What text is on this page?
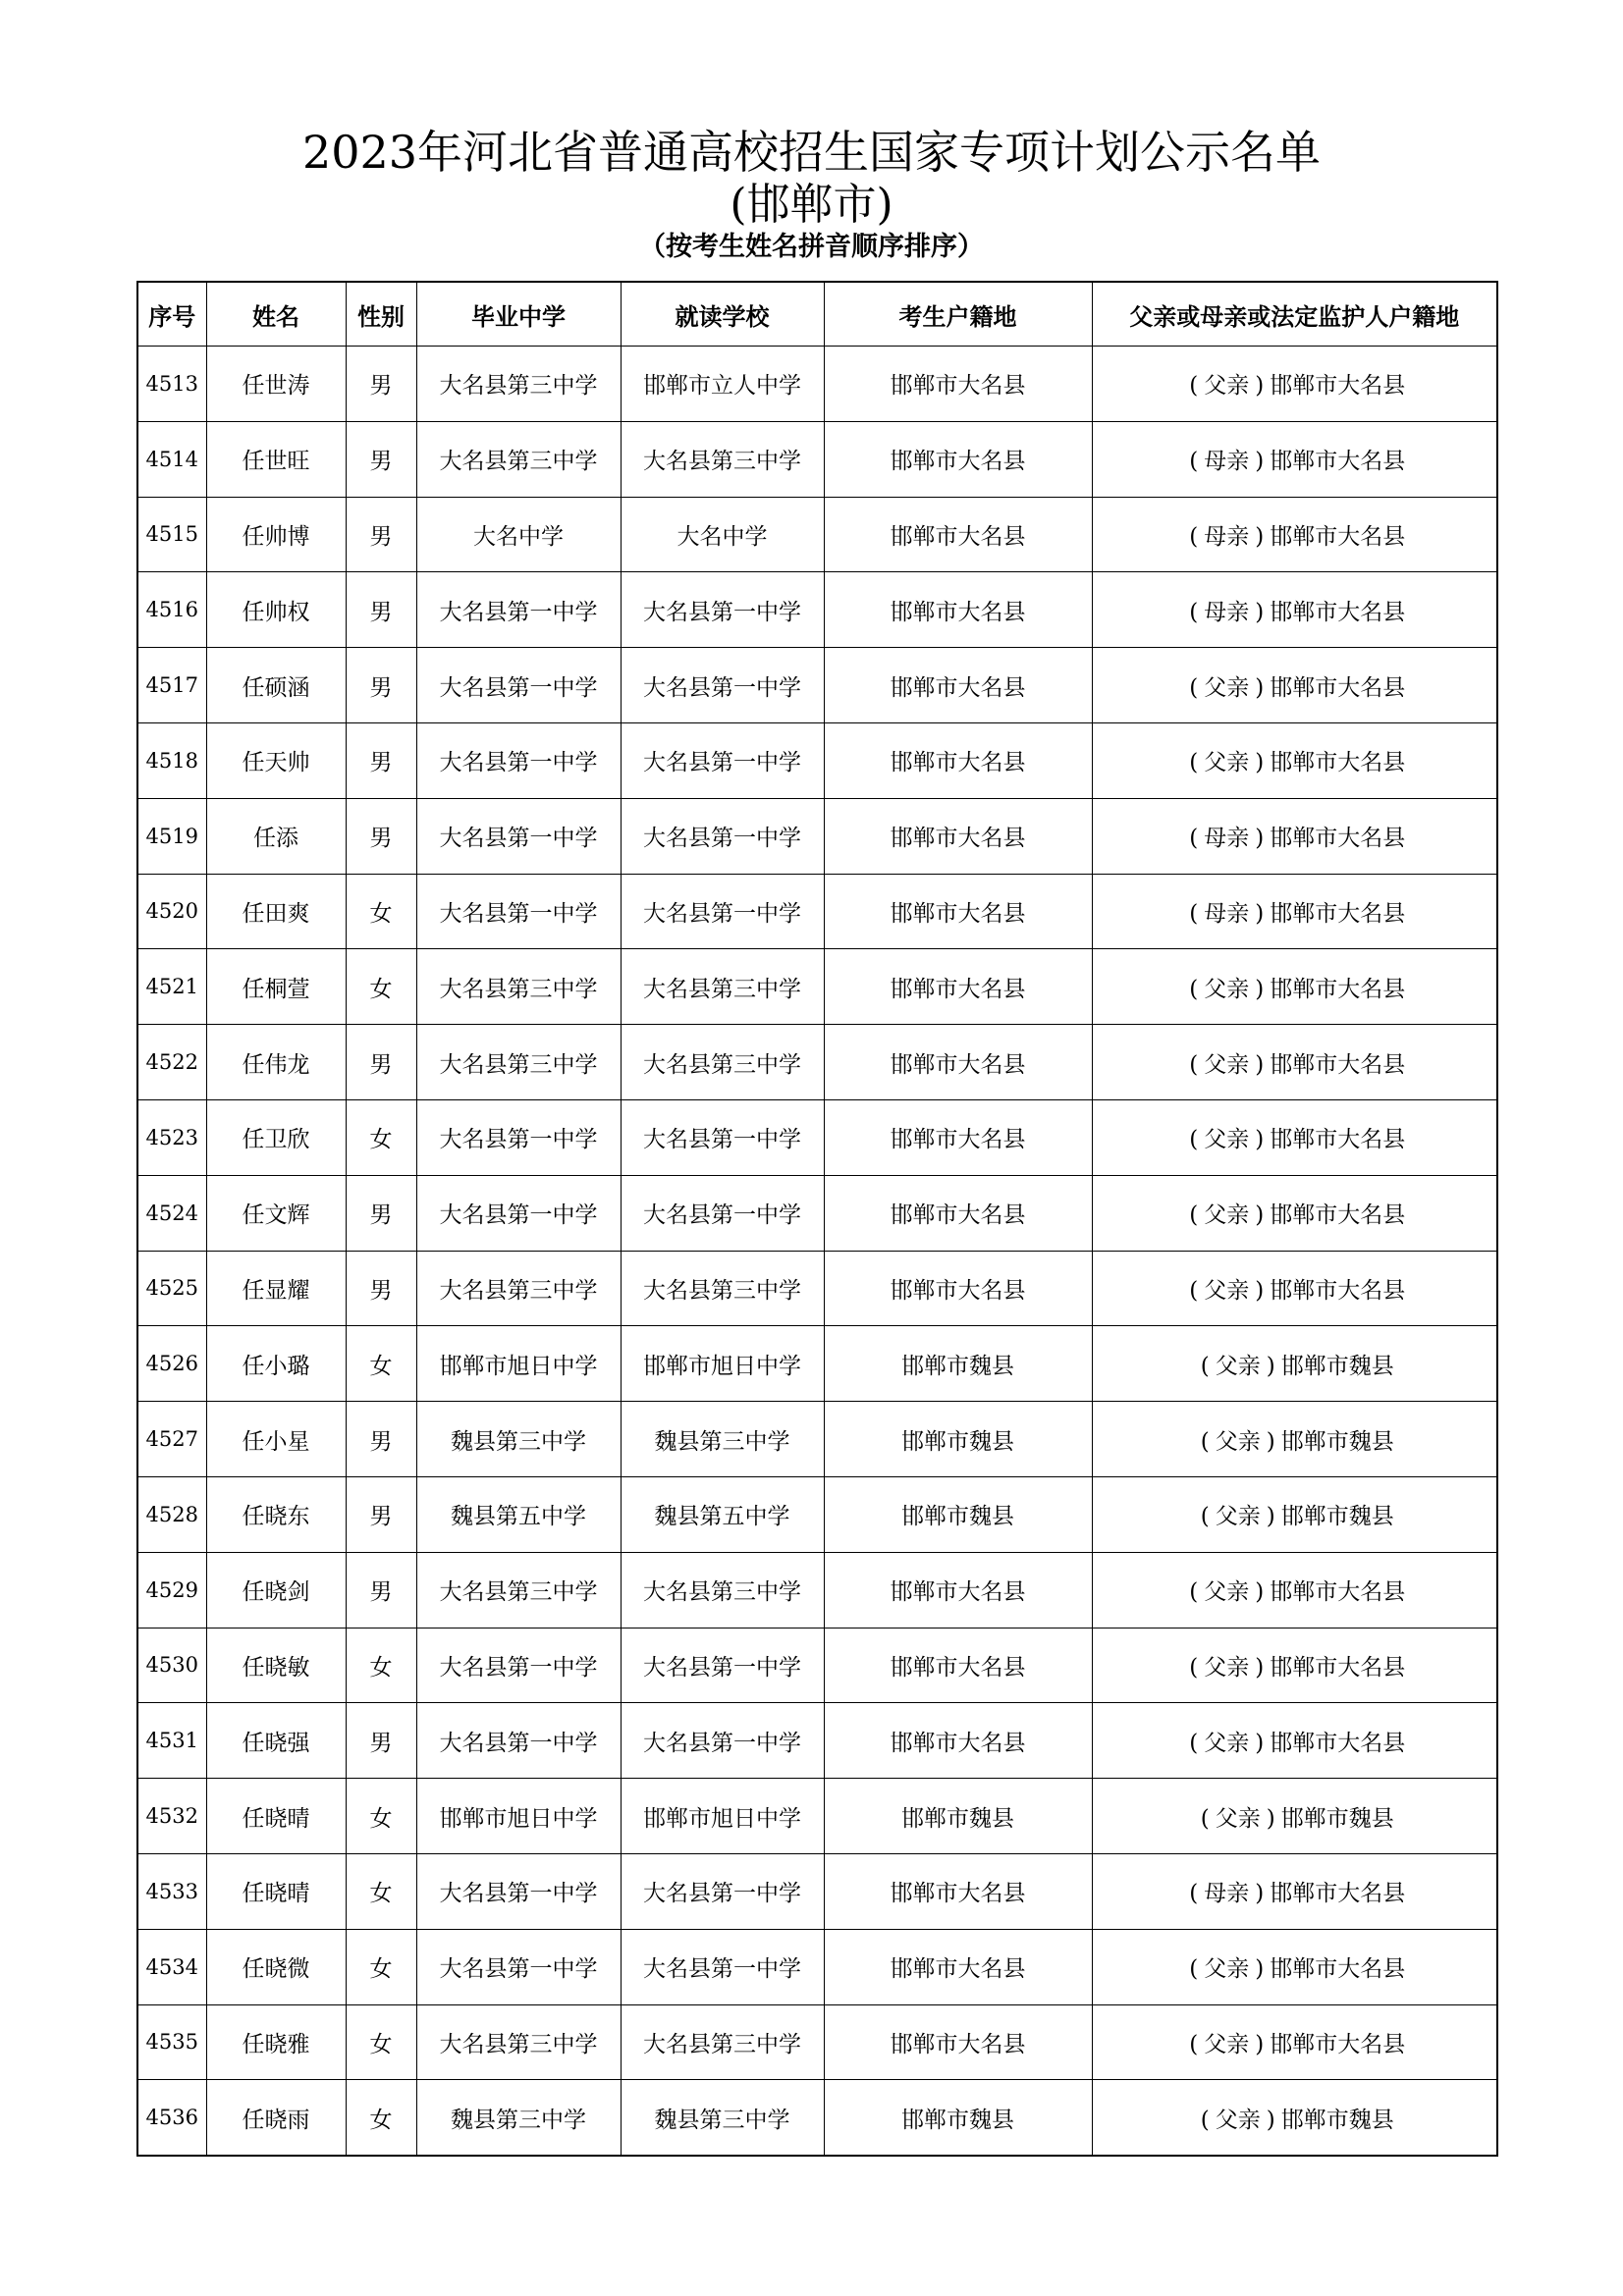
2023年河北省普通高校招生国家专项计划公示名单
(邯郸市)
（按考生姓名拼音顺序排序）
序号	姓名	性别	毕业中学	就读学校	考生户籍地	父亲或母亲或法定监护人户籍地
4513	任世涛	男	大名县第三中学	邯郸市立人中学	邯郸市大名县	( 父亲 ) 邯郸市大名县
4514	任世旺	男	大名县第三中学	大名县第三中学	邯郸市大名县	( 母亲 ) 邯郸市大名县
4515	任帅博	男	大名中学	大名中学	邯郸市大名县	( 母亲 ) 邯郸市大名县
4516	任帅权	男	大名县第一中学	大名县第一中学	邯郸市大名县	( 母亲 ) 邯郸市大名县
4517	任硕涵	男	大名县第一中学	大名县第一中学	邯郸市大名县	( 父亲 ) 邯郸市大名县
4518	任天帅	男	大名县第一中学	大名县第一中学	邯郸市大名县	( 父亲 ) 邯郸市大名县
4519	任添	男	大名县第一中学	大名县第一中学	邯郸市大名县	( 母亲 ) 邯郸市大名县
4520	任田爽	女	大名县第一中学	大名县第一中学	邯郸市大名县	( 母亲 ) 邯郸市大名县
4521	任桐萱	女	大名县第三中学	大名县第三中学	邯郸市大名县	( 父亲 ) 邯郸市大名县
4522	任伟龙	男	大名县第三中学	大名县第三中学	邯郸市大名县	( 父亲 ) 邯郸市大名县
4523	任卫欣	女	大名县第一中学	大名县第一中学	邯郸市大名县	( 父亲 ) 邯郸市大名县
4524	任文辉	男	大名县第一中学	大名县第一中学	邯郸市大名县	( 父亲 ) 邯郸市大名县
4525	任显耀	男	大名县第三中学	大名县第三中学	邯郸市大名县	( 父亲 ) 邯郸市大名县
4526	任小璐	女	邯郸市旭日中学	邯郸市旭日中学	邯郸市魏县	( 父亲 ) 邯郸市魏县
4527	任小星	男	魏县第三中学	魏县第三中学	邯郸市魏县	( 父亲 ) 邯郸市魏县
4528	任晓东	男	魏县第五中学	魏县第五中学	邯郸市魏县	( 父亲 ) 邯郸市魏县
4529	任晓剑	男	大名县第三中学	大名县第三中学	邯郸市大名县	( 父亲 ) 邯郸市大名县
4530	任晓敏	女	大名县第一中学	大名县第一中学	邯郸市大名县	( 父亲 ) 邯郸市大名县
4531	任晓强	男	大名县第一中学	大名县第一中学	邯郸市大名县	( 父亲 ) 邯郸市大名县
4532	任晓晴	女	邯郸市旭日中学	邯郸市旭日中学	邯郸市魏县	( 父亲 ) 邯郸市魏县
4533	任晓晴	女	大名县第一中学	大名县第一中学	邯郸市大名县	( 母亲 ) 邯郸市大名县
4534	任晓微	女	大名县第一中学	大名县第一中学	邯郸市大名县	( 父亲 ) 邯郸市大名县
4535	任晓雅	女	大名县第三中学	大名县第三中学	邯郸市大名县	( 父亲 ) 邯郸市大名县
4536	任晓雨	女	魏县第三中学	魏县第三中学	邯郸市魏县	( 父亲 ) 邯郸市魏县
